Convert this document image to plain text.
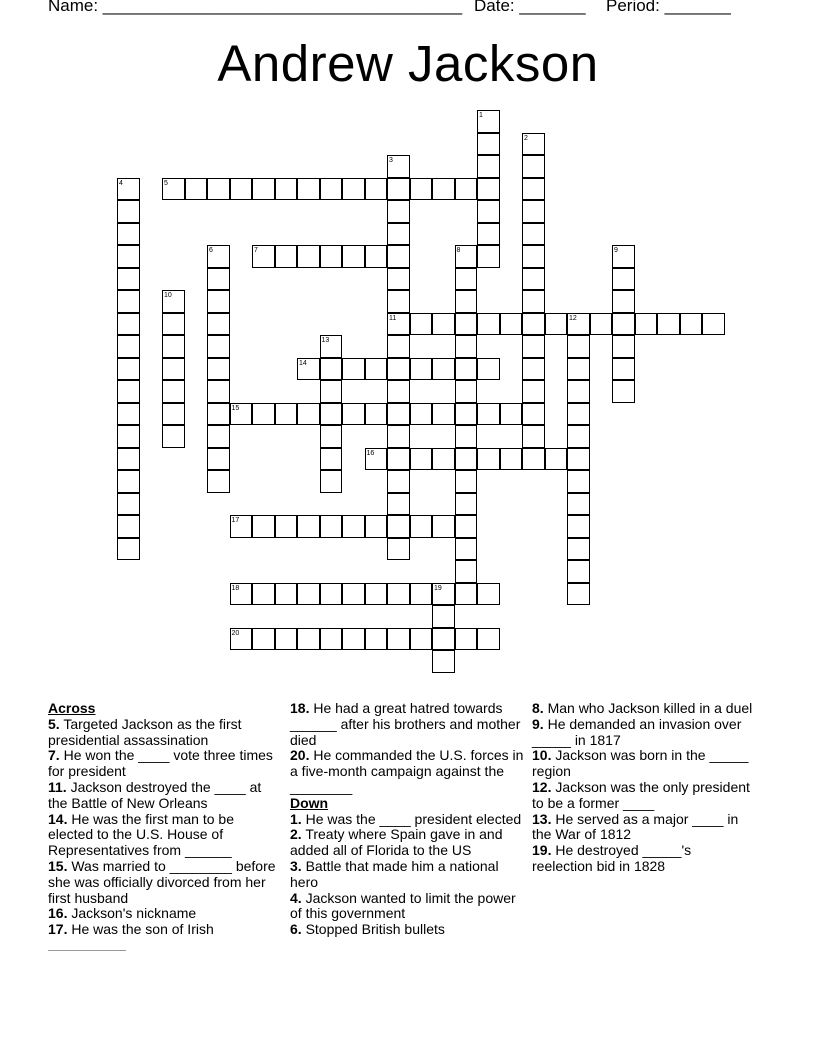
Name: ______________________________________ Date: _______ Period: _______
Andrew Jackson
1
2
3
4	5
6	7	8	9
10
11	12
13
14
15
16
17
18	19
20

Across

5. Targeted Jackson as the first presidential assassination

7. He won the ____ vote three times for president

11. Jackson destroyed the ____ at the Battle of New Orleans

14. He was the first man to be elected to the U.S. House of Representatives from ______

15. Was married to ________ before she was officially divorced from her first husband

16. Jackson's nickname

17. He was the son of Irish

18. He had a great hatred towards ______ after his brothers and mother died

20. He commanded the U.S. forces in a five-month campaign against the ________

Down

1. He was the ____ president elected

2. Treaty where Spain gave in and added all of Florida to the US

3. Battle that made him a national hero

4. Jackson wanted to limit the power of this government

6. Stopped British bullets

8. Man who Jackson killed in a duel

9. He demanded an invasion over _____ in 1817

10. Jackson was born in the _____ region

12. Jackson was the only president to be a former ____

13. He served as a major ____ in the War of 1812

19. He destroyed _____'s reelection bid in 1828
